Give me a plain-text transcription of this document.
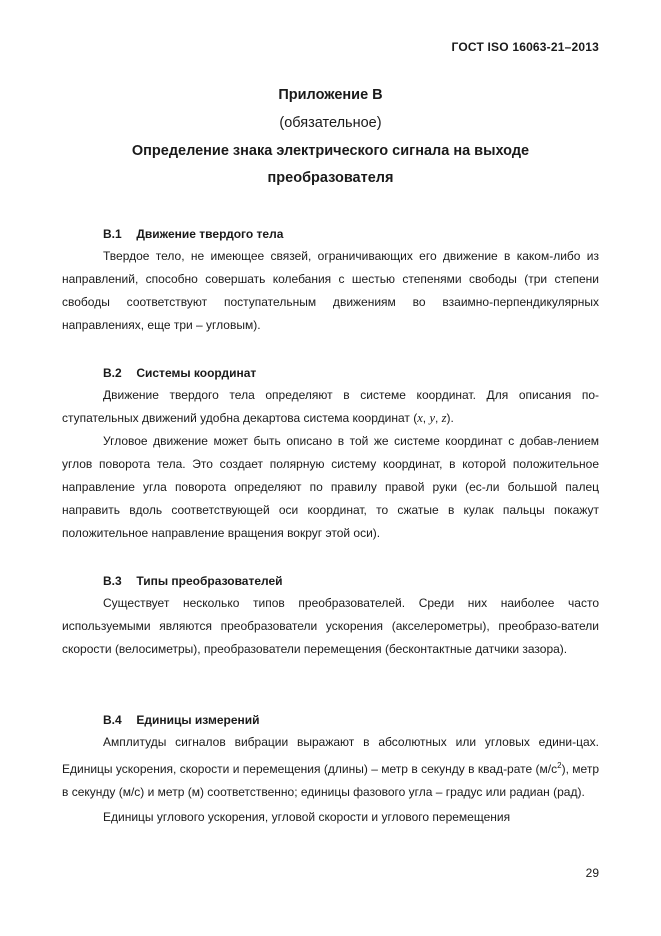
ГОСТ ISO 16063-21–2013
Приложение В
(обязательное)
Определение знака электрического сигнала на выходе
преобразователя
В.1 Движение твердого тела

Твердое тело, не имеющее связей, ограничивающих его движение в каком-либо из направлений, способно совершать колебания с шестью степенями свободы (три степени свободы соответствуют поступательным движениям во взаимно-перпендикулярных направлениях, еще три – угловым).

В.2 Системы координат

Движение твердого тела определяют в системе координат. Для описания по-ступательных движений удобна декартова система координат (x, y, z).

Угловое движение может быть описано в той же системе координат с добав-лением углов поворота тела. Это создает полярную систему координат, в которой положительное направление угла поворота определяют по правилу правой руки (ес-ли большой палец направить вдоль соответствующей оси координат, то сжатые в кулак пальцы покажут положительное направление вращения вокруг этой оси).

В.3 Типы преобразователей

Существует несколько типов преобразователей. Среди них наиболее часто используемыми являются преобразователи ускорения (акселерометры), преобразо-ватели скорости (велосиметры), преобразователи перемещения (бесконтактные датчики зазора).

В.4 Единицы измерений

Амплитуды сигналов вибрации выражают в абсолютных или угловых едини-цах. Единицы ускорения, скорости и перемещения (длины) – метр в секунду в квад-рате $(м/с^2)$, метр в секунду (м/с) и метр (м) соответственно; единицы фазового угла – градус или радиан (рад).

Единицы углового ускорения, угловой скорости и углового перемещения

29
